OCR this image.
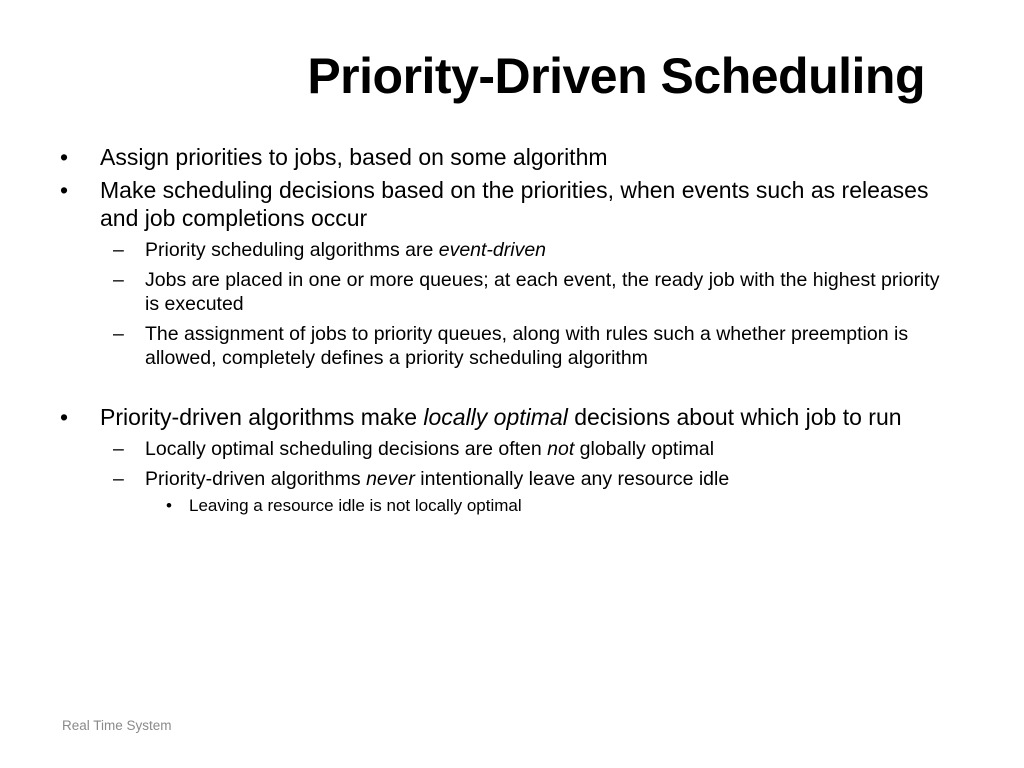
Priority-Driven Scheduling

• Assign priorities to jobs, based on some algorithm

• Make scheduling decisions based on the priorities, when events such as releases and job completions occur

– Priority scheduling algorithms are event-driven

– Jobs are placed in one or more queues; at each event, the ready job with the highest priority is executed

– The assignment of jobs to priority queues, along with rules such a whether preemption is allowed, completely defines a priority scheduling algorithm

• Priority-driven algorithms make locally optimal decisions about which job to run

– Locally optimal scheduling decisions are often not globally optimal

– Priority-driven algorithms never intentionally leave any resource idle

• Leaving a resource idle is not locally optimal

Real Time System
